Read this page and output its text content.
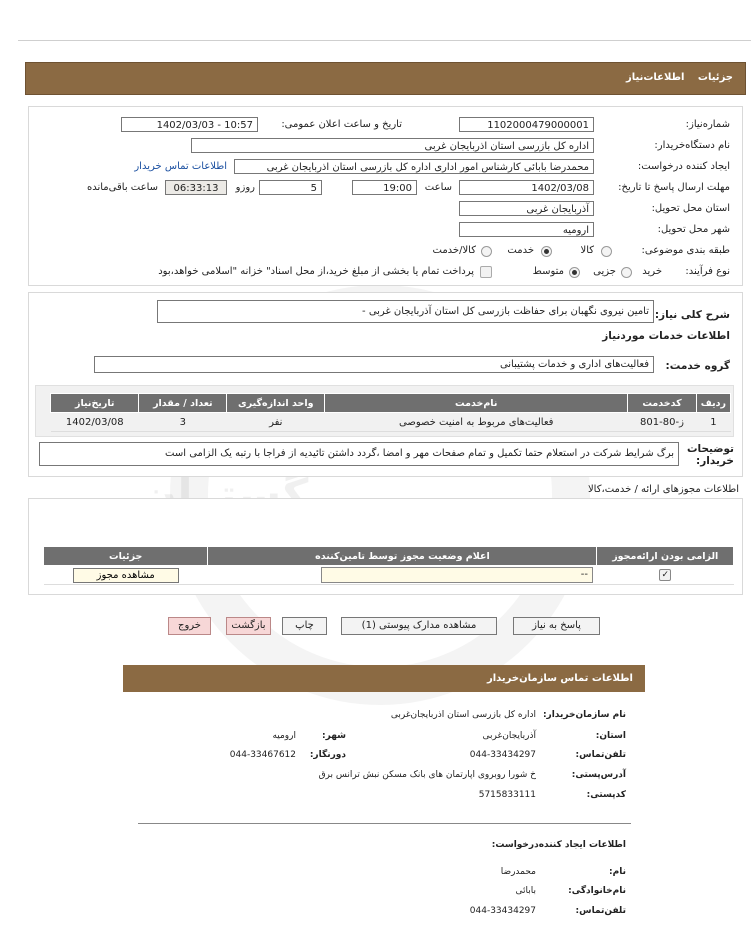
گستران
جزئیات اطلاعات‌نیاز
شماره‌نیاز:
1102000479000001
تاریخ و ساعت اعلان عمومی:
1402/03/03 - 10:57
نام دستگاه‌خریدار:
اداره کل بازرسی استان اذربایجان غربی
ایجاد کننده درخواست:
محمدرضا بابائی کارشناس امور اداری اداره کل بازرسی استان اذربایجان غربی
اطلاعات تماس خریدار
مهلت ارسال پاسخ تا تاریخ:
1402/03/08
ساعت
19:00
5
روزو
06:33:13
ساعت باقی‌مانده
استان محل تحویل:
آذربایجان غربی
شهر محل تحویل:
ارومیه
طبقه بندی موضوعی:
کالا
خدمت
کالا/خدمت
نوع فرآیند:
خرید
جزیی
متوسط
پرداخت تمام یا بخشی از مبلغ خرید،از محل اسناد" خزانه "اسلامی خواهد،بود
شرح کلی نیاز:
تامین نیروی نگهبان برای حفاظت بازرسی کل استان آذربایجان غربی -
اطلاعات خدمات موردنیاز
گروه خدمت:
فعالیت‌های اداری و خدمات پشتیبانی
ردیف	کدخدمت	نام‌خدمت	واحد اندازه‌گیری	تعداد / مقدار	تاریخ‌نیاز
1	ز-80-801	فعالیت‌های مربوط به امنیت خصوصی	نفر	3	1402/03/08
توضیحات خریدار:
برگ شرایط شرکت در استعلام حتما تکمیل و تمام صفحات مهر و امضا ،گردد داشتن تائیدیه از فراجا با رتبه یک الزامی است
اطلاعات مجوزهای ارائه / خدمت،کالا
الزامی بودن ارائه‌مجوز	اعلام وضعیت مجوز توسط تامین‌کننده	جزئیات
✓	--	مشاهده مجوز
پاسخ به نیاز
مشاهده مدارک پیوستی (1)
چاپ
بازگشت
خروج
اطلاعات تماس سازمان‌خریدار
نام سازمان‌خریدار:
اداره کل بازرسی استان اذربایجان‌غربی
استان:
آذربایجان‌غربی
شهر:
ارومیه
تلفن‌تماس:
044-33434297
دورنگار:
044-33467612
آدرس‌پستی:
خ شورا روبروی اپارتمان های بانک مسکن نبش ترانس برق
کدپستی:
5715833111
اطلاعات ایجاد کننده‌درخواست:
نام:
محمدرضا
نام‌خانوادگی:
بابائی
تلفن‌تماس:
044-33434297
